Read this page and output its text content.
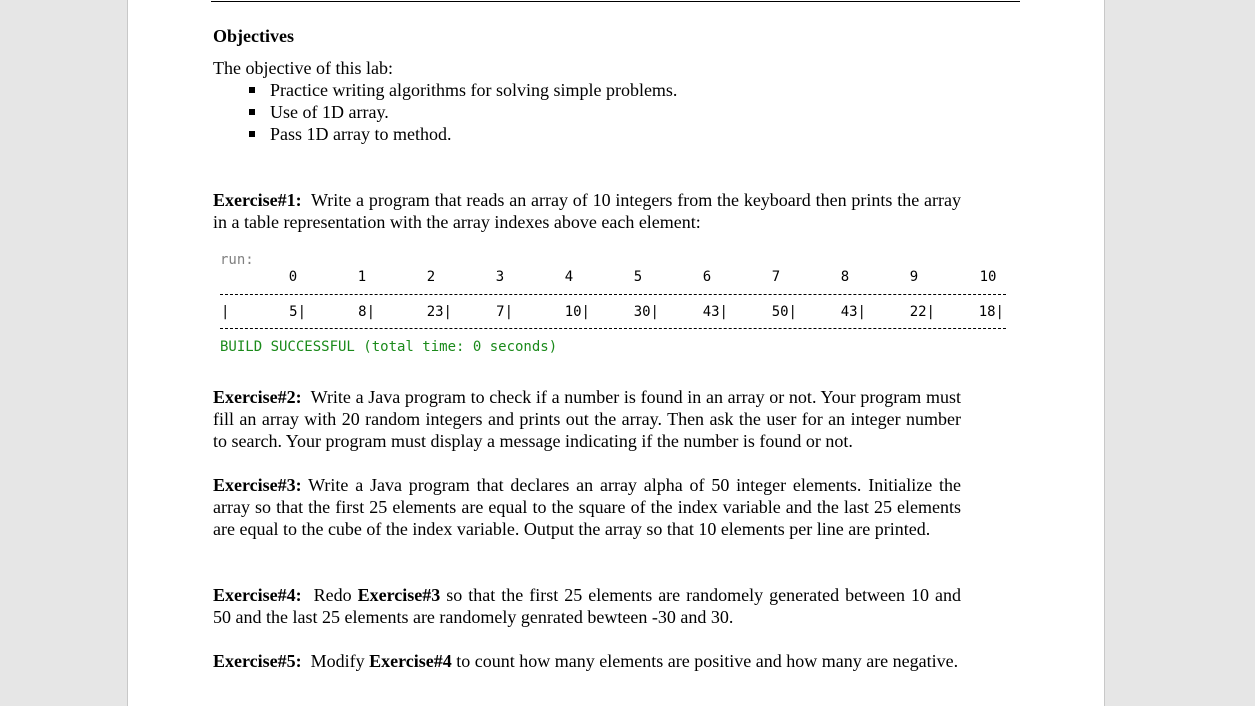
Objectives
The objective of this lab:
Practice writing algorithms for solving simple problems.
Use of 1D array.
Pass 1D array to method.
Exercise#1: Write a program that reads an array of 10 integers from the keyboard then prints the array in a table representation with the array indexes above each element:
run:
0	1	2	3	4	5	6	7	8	9	10
|	5|	8|	23|	7|	10|	30|	43|	50|	43|	22|	18|
BUILD SUCCESSFUL (total time: 0 seconds)
Exercise#2: Write a Java program to check if a number is found in an array or not. Your program must fill an array with 20 random integers and prints out the array. Then ask the user for an integer number to search. Your program must display a message indicating if the number is found or not.
Exercise#3: Write a Java program that declares an array alpha of 50 integer elements. Initialize the array so that the first 25 elements are equal to the square of the index variable and the last 25 elements are equal to the cube of the index variable. Output the array so that 10 elements per line are printed.
Exercise#4: Redo Exercise#3 so that the first 25 elements are randomely generated between 10 and 50 and the last 25 elements are randomely genrated bewteen -30 and 30.
Exercise#5: Modify Exercise#4 to count how many elements are positive and how many are negative.
